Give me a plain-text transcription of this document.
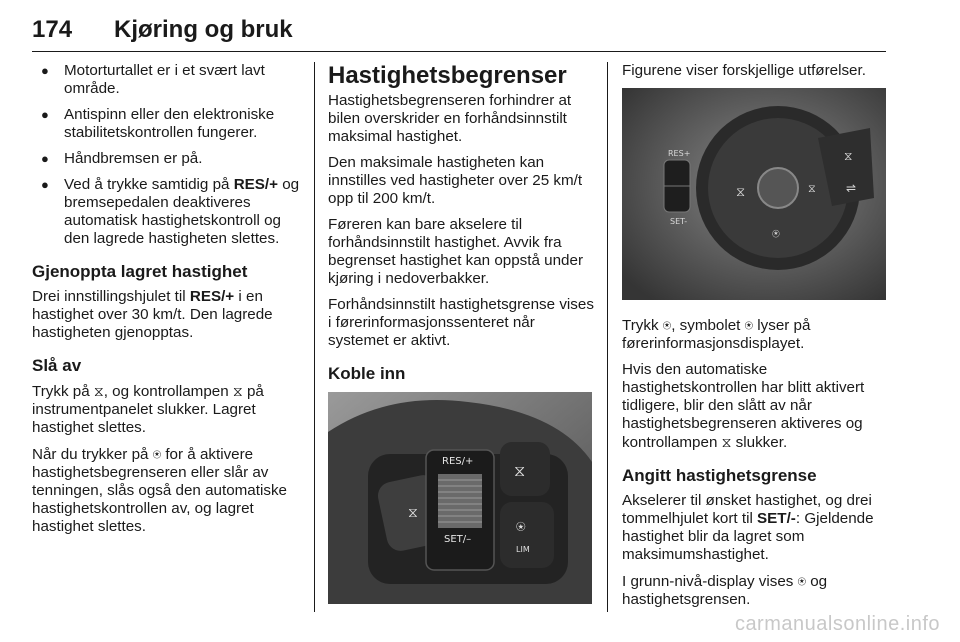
174 Kjøring og bruk
● Motorturtallet er i et svært lavt område.
● Antispinn eller den elektroniske stabilitetskontrollen fungerer.
● Håndbremsen er på.
● Ved å trykke samtidig på RES/+ og bremsepedalen deaktiveres automatisk hastighetskontroll og den lagrede hastigheten slettes.
Gjenoppta lagret hastighet

Drei innstillingshjulet til RES/+ i en hastighet over 30 km/t. Den lagrede hastigheten gjenopptas.

Slå av

Trykk på ⧖, og kontrollampen ⧖ på instrumentpanelet slukker. Lagret hastighet slettes.

Når du trykker på ⍟ for å aktivere hastighetsbegrenseren eller slår av tenningen, slås også den automatiske hastighetskontrollen av, og lagret hastighet slettes.

Hastighetsbegrenser

Hastighetsbegrenseren forhindrer at bilen overskrider en forhåndsinnstilt maksimal hastighet.

Den maksimale hastigheten kan innstilles ved hastigheter over 25 km/t opp til 200 km/t.

Føreren kan bare akselere til forhåndsinnstilt hastighet. Avvik fra begrenset hastighet kan oppstå under kjøring i nedoverbakker.

Forhåndsinnstilt hastighetsgrense vises i førerinformasjonssenteret når systemet er aktivt.

Koble inn
⧖
RES/+
SET/–
⧖
⍟
LIM

Figurene viser forskjellige utførelser.

⧖
⍟
⧖
RES+
SET-
⧖
⇌

Trykk ⍟, symbolet ⍟ lyser på førerinformasjonsdisplayet.

Hvis den automatiske hastighetskontrollen har blitt aktivert tidligere, blir den slått av når hastighetsbegrenseren aktiveres og kontrollampen ⧖ slukker.

Angitt hastighetsgrense

Akselerer til ønsket hastighet, og drei tommelhjulet kort til SET/-: Gjeldende hastighet blir da lagret som maksimumshastighet.

I grunn-nivå-display vises ⍟ og hastighetsgrensen.

carmanualsonline.info
